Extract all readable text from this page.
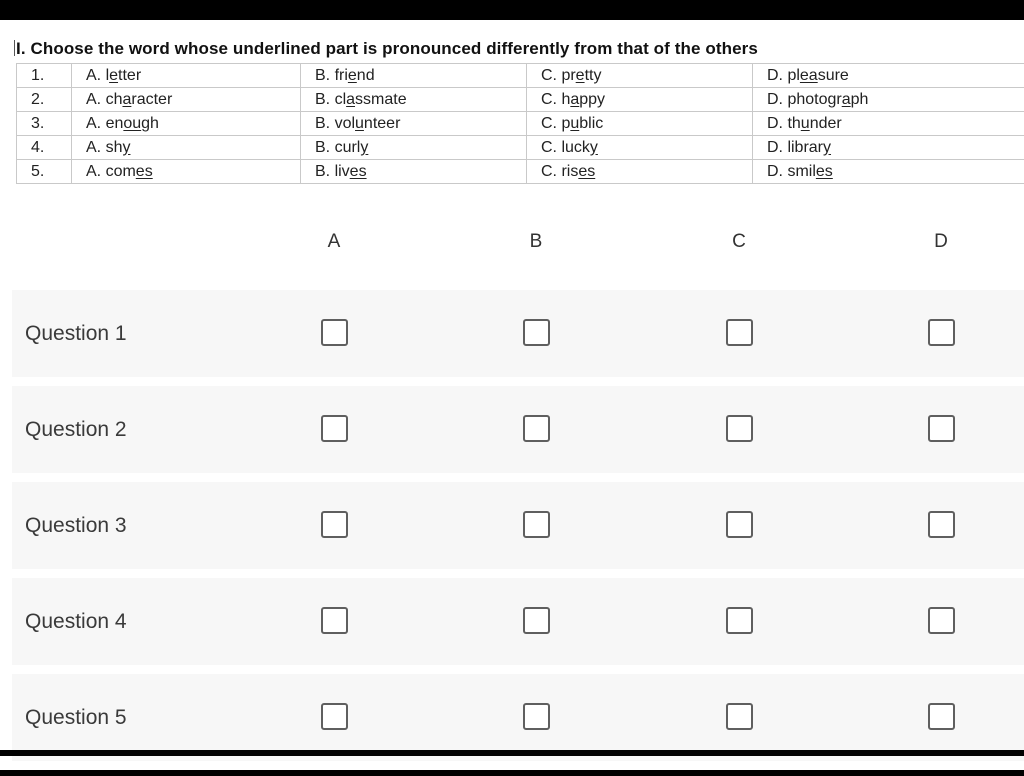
I. Choose the word whose underlined part is pronounced differently from that of the others
1.	A. letter	B. friend	C. pretty	D. pleasure
2.	A. character	B. classmate	C. happy	D. photograph
3.	A. enough	B. volunteer	C. public	D. thunder
4.	A. shy	B. curly	C. lucky	D. library
5.	A. comes	B. lives	C. rises	D. smiles
A	B	C	D
Question 1
Question 2
Question 3
Question 4
Question 5
